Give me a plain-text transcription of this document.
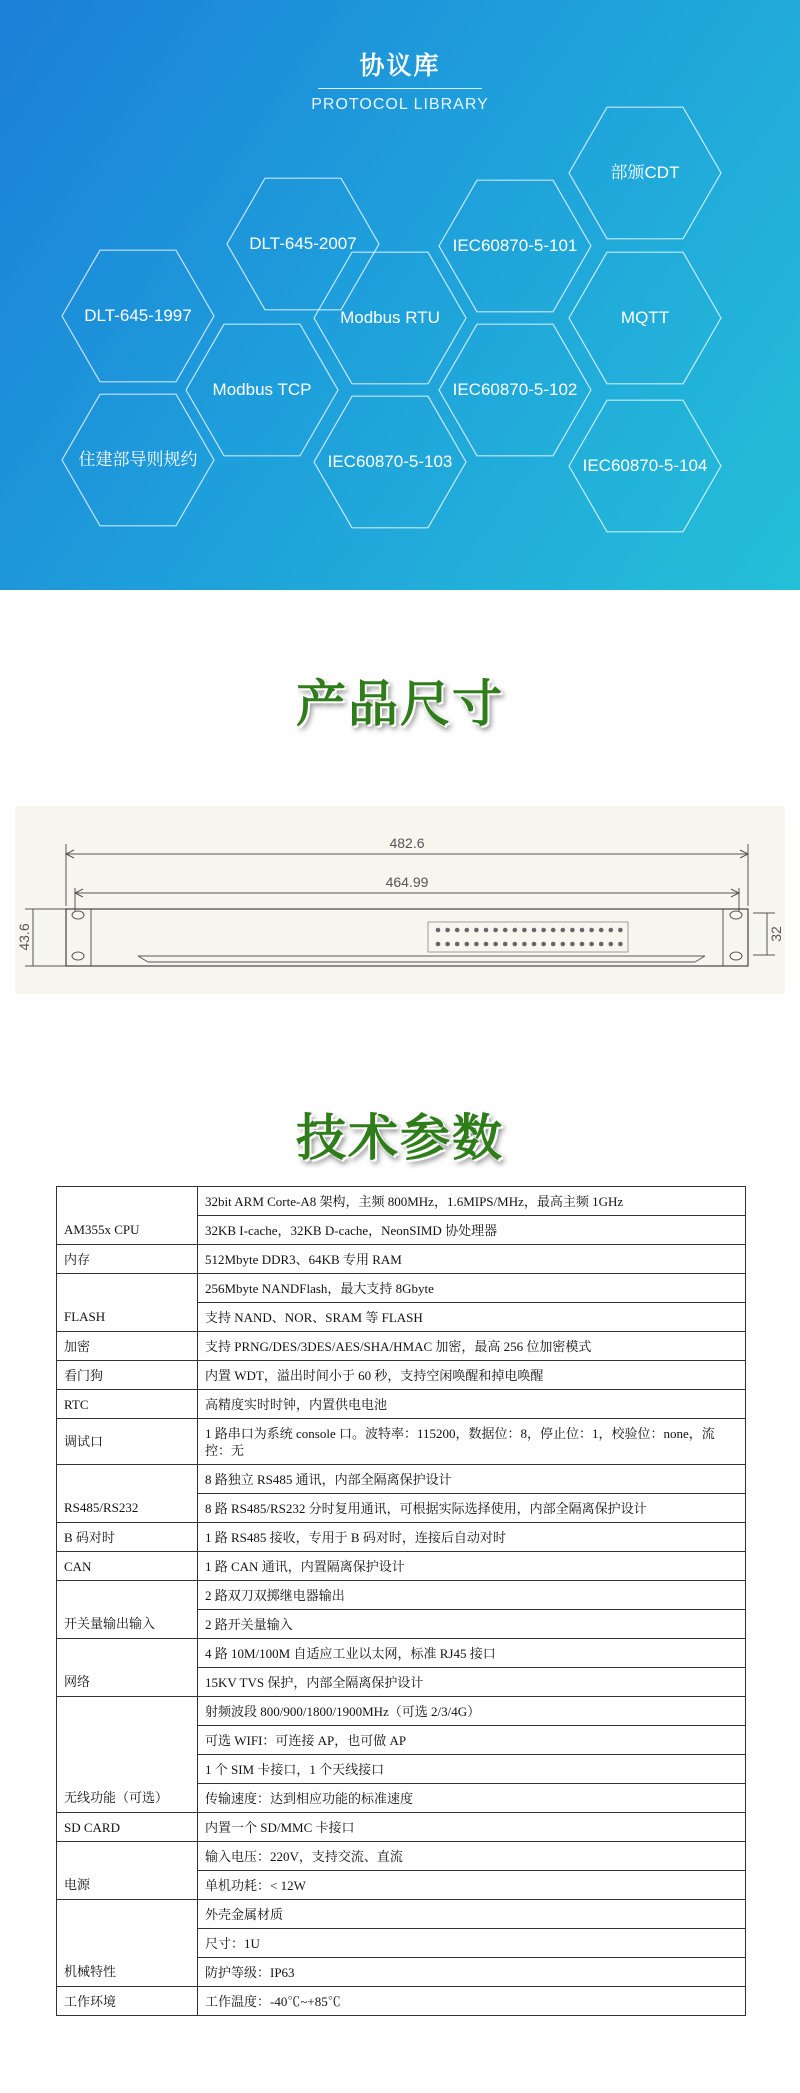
协议库
PROTOCOL LIBRARY
部颁CDT
DLT-645-2007	IEC60870-5-101
DLT-645-1997	Modbus RTU	MQTT
Modbus TCP	IEC60870-5-102
住建部导则规约	IEC60870-5-103	IEC60870-5-104
产品尺寸
482.6
464.99
43.6	32
技术参数
AM355x CPU	32bit ARM Corte-A8 架构，主频 800MHz，1.6MIPS/MHz，最高主频 1GHz
	32KB I-cache，32KB D-cache，NeonSIMD 协处理器
内存	512Mbyte DDR3、64KB 专用 RAM
FLASH	256Mbyte NANDFlash，最大支持 8Gbyte
	支持 NAND、NOR、SRAM 等 FLASH
加密	支持 PRNG/DES/3DES/AES/SHA/HMAC 加密，最高 256 位加密模式
看门狗	内置 WDT，溢出时间小于 60 秒，支持空闲唤醒和掉电唤醒
RTC	高精度实时时钟，内置供电电池
调试口	1 路串口为系统 console 口。波特率：115200，数据位：8，停止位：1，校验位：none，流控：无
RS485/RS232	8 路独立 RS485 通讯，内部全隔离保护设计
	8 路 RS485/RS232 分时复用通讯，可根据实际选择使用，内部全隔离保护设计
B 码对时	1 路 RS485 接收，专用于 B 码对时，连接后自动对时
CAN	1 路 CAN 通讯，内置隔离保护设计
开关量输出输入	2 路双刀双掷继电器输出
	2 路开关量输入
网络	4 路 10M/100M 自适应工业以太网，标准 RJ45 接口
	15KV TVS 保护，内部全隔离保护设计
无线功能（可选）	射频波段 800/900/1800/1900MHz（可选 2/3/4G）
	可选 WIFI：可连接 AP，也可做 AP
	1 个 SIM 卡接口，1 个天线接口
	传输速度：达到相应功能的标准速度
SD CARD	内置一个 SD/MMC 卡接口
电源	输入电压：220V，支持交流、直流
	单机功耗：< 12W
机械特性	外壳金属材质
	尺寸：1U
	防护等级：IP63
工作环境	工作温度：-40℃~+85℃
